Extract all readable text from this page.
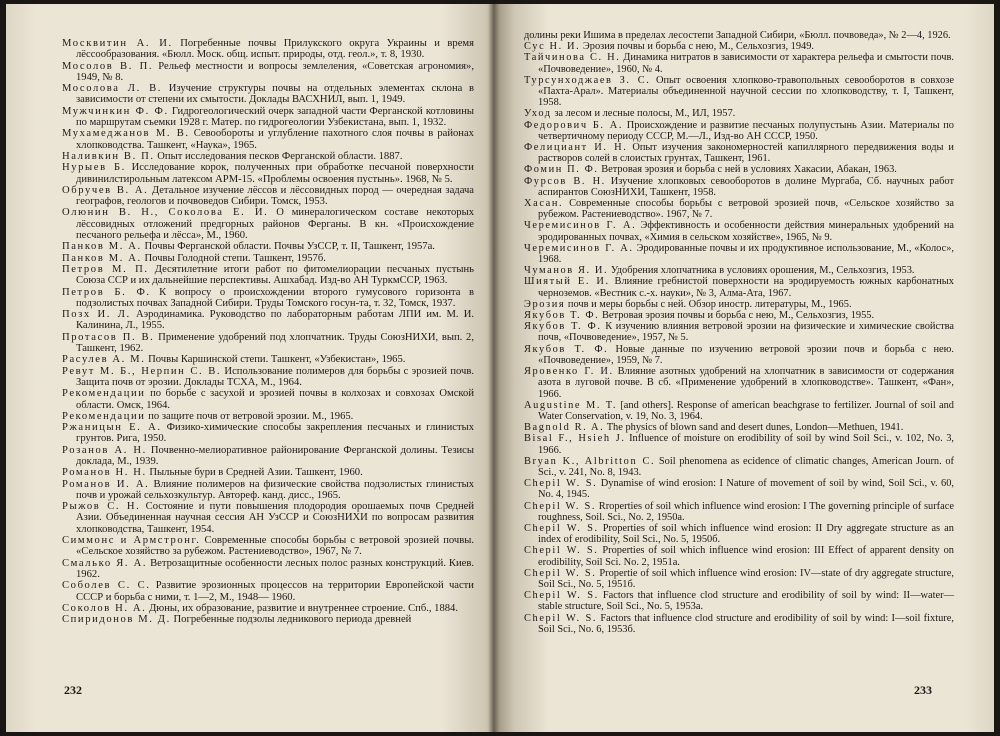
Москвитин А. И. Погребенные почвы Прилукского округа Украины и время лёссообразования. «Бюлл. Моск. общ. испыт. природы, отд. геол.», т. 8, 1930.
Мосолов В. П. Рельеф местности и вопросы землеления, «Советская агрономия», 1949, № 8.
Мосолова Л. В. Изучение структуры почвы на отдельных элементах склона в зависимости от степени их смытости. Доклады ВАСХНИЛ, вып. 1, 1949.
Мужчинкин Ф. Ф. Гидрогеологический очерк западной части Ферганской котловины по маршрутам съемки 1928 г. Матер. по гидрогеологии Узбекистана, вып. 1, 1932.
Мухамеджанов М. В. Севообороты и углубление пахотного слоя почвы в районах хлопководства. Ташкент, «Наука», 1965.
Наливкин В. П. Опыт исследования песков Ферганской области. 1887.
Нурыев Б. Исследование корок, полученных при обработке песчаной поверхности дивинилстирольным латексом АРМ-15. «Проблемы освоения пустынь». 1968, № 5.
Обручев В. А. Детальное изучение лёссов и лёссовидных пород — очередная задача географов, геологов и почвоведов Сибири. Томск, 1953.
Олюнин В. Н., Соколова Е. И. О минералогическом составе некоторых лёссовидных отложений предгорных районов Ферганы. В кн. «Происхождение песчаного рельефа и лёсса», М., 1960.
Панков М. А. Почвы Ферганской области. Почвы УзССР, т. II, Ташкент, 1957а.
Панков М. А. Почвы Голодной степи. Ташкент, 1957б.
Петров М. П. Десятилетние итоги работ по фитомелиорации песчаных пустынь Союза ССР и их дальнейшие перспективы. Ашхабад. Изд-во АН ТуркмССР, 1963.
Петров Б. Ф. К вопросу о происхождении второго гумусового горизонта в подзолистых почвах Западной Сибири. Труды Томского госун-та, т. 32, Томск, 1937.
Позх И. Л. Аэродинамика. Руководство по лабораторным работам ЛПИ им. М. И. Калинина, Л., 1955.
Протасов П. В. Применение удобрений под хлопчатник. Труды СоюзНИХИ, вып. 2, Ташкент, 1962.
Расулев А. М. Почвы Каршинской степи. Ташкент, «Узбекистан», 1965.
Ревут М. Б., Нерпин С. В. Использование полимеров для борьбы с эрозией почв. Защита почв от эрозии. Доклады ТСХА, М., 1964.
Рекомендации по борьбе с засухой и эрозией почвы в колхозах и совхозах Омской области. Омск, 1964.
Рекомендации по защите почв от ветровой эрозии. М., 1965.
Ржаницын Е. А. Физико-химические способы закрепления песчаных и глинистых грунтов. Рига, 1950.
Розанов А. Н. Почвенно-мелиоративное районирование Ферганской долины. Тезисы доклада, М., 1939.
Романов Н. Н. Пыльные бури в Средней Азии. Ташкент, 1960.
Романов И. А. Влияние полимеров на физические свойства подзолистых глинистых почв и урожай сельхозкультур. Автореф. канд. дисс., 1965.
Рыжов С. Н. Состояние и пути повышения плодородия орошаемых почв Средней Азии. Объединенная научная сессия АН УзССР и СоюзНИХИ по вопросам развития хлопководства, Ташкент, 1954.
Симмонс и Армстронг. Современные способы борьбы с ветровой эрозией почвы. «Сельское хозяйство за рубежом. Растениеводство», 1967, № 7.
Смалько Я. А. Ветрозащитные особенности лесных полос разных конструкций. Киев. 1962.
Соболев С. С. Развитие эрозионных процессов на территории Европейской части СССР и борьба с ними, т. 1—2, М., 1948— 1960.
Соколов Н. А. Дюны, их образование, развитие и внутреннее строение. Спб., 1884.
Спиридонов М. Д. Погребенные подзолы ледникового периода древней
232
долины реки Ишима в пределах лесостепи Западной Сибири, «Бюлл. почвоведа», № 2—4, 1926.
Сус Н. И. Эрозия почвы и борьба с нею, М., Сельхозгиз, 1949.
Тайчинова С. Н. Динамика нитратов в зависимости от характера рельефа и смытости почв. «Почвоведение», 1960, № 4.
Турсунходжаев З. С. Опыт освоения хлопково-травопольных севооборотов в совхозе «Пахта-Арал». Материалы объединенной научной сессии по хлопководству, т. I, Ташкент, 1958.
Уход за лесом и лесные полосы, М., ИЛ, 1957.
Федорович Б. А. Происхождение и развитие песчаных полупустынь Азии. Материалы по четвертичному периоду СССР, М.—Л., Изд-во АН СССР, 1950.
Фелициант И. Н. Опыт изучения закономерностей капиллярного передвижения воды и растворов солей в слоистых грунтах, Ташкент, 1961.
Фомин П. Ф. Ветровая эрозия и борьба с ней в условиях Хакасии, Абакан, 1963.
Фурсов В. Н. Изучение хлопковых севооборотов в долине Мургаба, Сб. научных работ аспирантов СоюзНИХИ, Ташкент, 1958.
Хасан. Современные способы борьбы с ветровой эрозией почв, «Сельское хозяйство за рубежом. Растениеводство». 1967, № 7.
Черемисинов Г. А. Эффективность и особенности действия минеральных удобрений на эродированных почвах, «Химия в сельском хозяйстве», 1965, № 9.
Черемисинов Г. А. Эродированные почвы и их продуктивное использование, М., «Колос», 1968.
Чуманов Я. И. Удобрения хлопчатника в условиях орошения, М., Сельхозгиз, 1953.
Шиятый Е. И. Влияние гребнистой поверхности на эродируемость южных карбонатных черноземов. «Вестник с.-х. науки», № 3, Алма-Ата, 1967.
Эрозия почв и меры борьбы с ней. Обзор иностр. литературы, М., 1965.
Якубов Т. Ф. Ветровая эрозия почвы и борьба с нею, М., Сельхозгиз, 1955.
Якубов Т. Ф. К изучению влияния ветровой эрозии на физические и химические свойства почв, «Почвоведение», 1957, № 5.
Якубов Т. Ф. Новые данные по изучению ветровой эрозии почв и борьба с нею. «Почвоведение», 1959, № 7.
Яровенко Г. И. Влияние азотных удобрений на хлопчатник в зависимости от содержания азота в луговой почве. В сб. «Применение удобрений в хлопководстве». Ташкент, «Фан», 1966.
Augustine M. T. [and others]. Response of american beachgrase to fertilizer. Journal of soil and Water Conservation, v. 19, No. 3, 1964.
Bagnold R. A. The physics of blown sand and desert dunes, London—Methuen, 1941.
Bisal F., Hsieh J. Influence of moisture on erodibility of soil by wind Soil Sci., v. 102, No. 3, 1966.
Bryan K., Albritton C. Soil phenomena as ecidence of climatic changes, American Journ. of Sci., v. 241, No. 8, 1943.
Chepil W. S. Dynamise of wind erosion: I Nature of movement of soil by wind, Soil Sci., v. 60, No. 4, 1945.
Chepil W. S. Rroperties of soil which influence wind erosion: I The governing principle of surface roughness, Soil. Sci., No. 2, 1950a.
Chepil W. S. Properties of soil which influence wind erosion: II Dry aggregate structure as an index of erodibility, Soil Sci., No. 5, 1950б.
Chepil W. S. Properties of soil which influence wind erosion: III Effect of apparent density on erodibility, Soil Sci. No. 2, 1951a.
Chepil W. S. Propertie of soil which influence wind erosion: IV—state of dry aggregate structure, Soil Sci., No. 5, 1951б.
Chepil W. S. Factors that influence clod structure and erodibility of soil by wind: II—water—stable structure, Soil Sci., No. 5, 1953a.
Chepil W. S. Factors that influence clod structure and erodibility of soil by wind: I—soil fixture, Soil Sci., No. 6, 1953б.
233
